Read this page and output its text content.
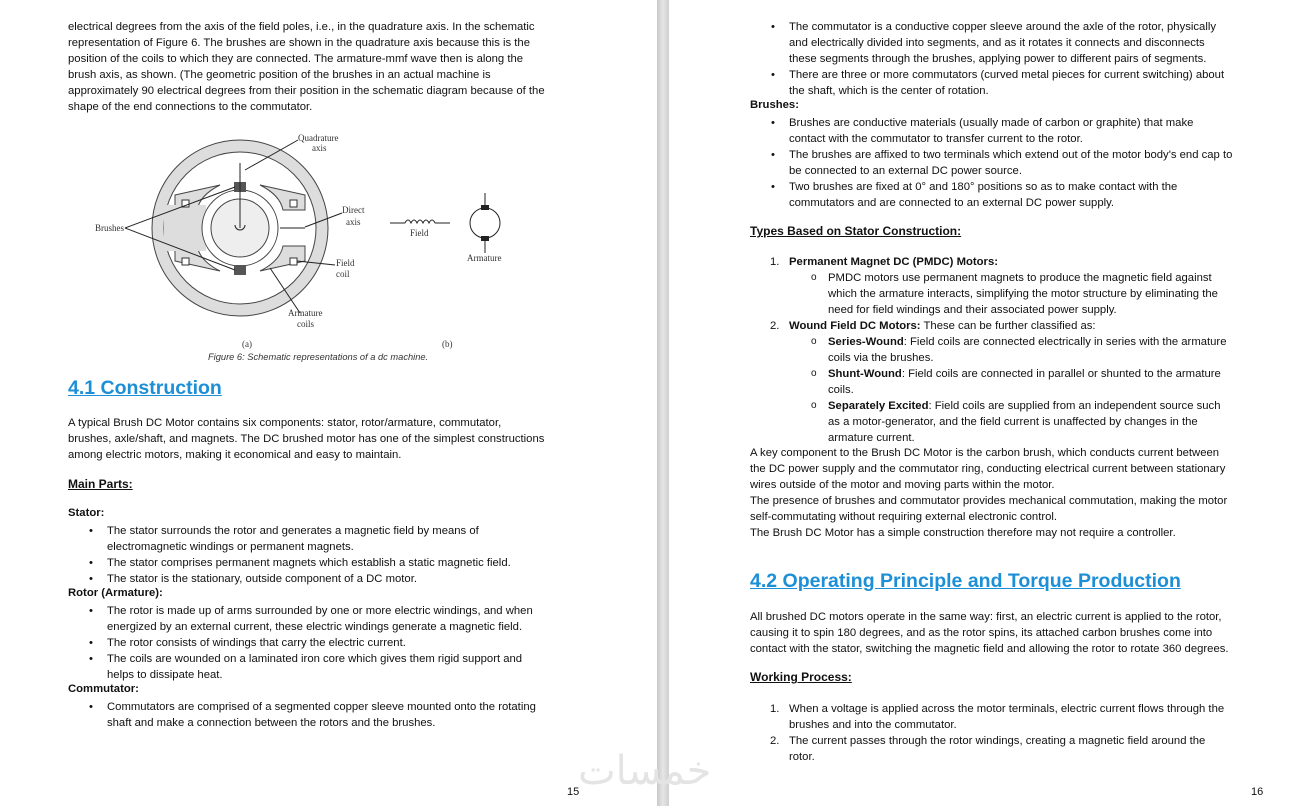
electrical degrees from the axis of the field poles, i.e., in the quadrature axis. In the schematic
representation of Figure 6. The brushes are shown in the quadrature axis because this is the
position of the coils to which they are connected. The armature-mmf wave then is along the
brush axis, as shown. (The geometric position of the brushes in an actual machine is
approximately 90 electrical degrees from their position in the schematic diagram because of the
shape of the end connections to the commutator.
Quadrature
axis
Direct
axis
Brushes
Field
coil
Armature
coils
Field
Armature
(a)	(b)
Figure 6: Schematic representations of a dc machine.
4.1 Construction
A typical Brush DC Motor contains six components: stator, rotor/armature, commutator,
brushes, axle/shaft, and magnets. The DC brushed motor has one of the simplest constructions
among electric motors, making it economical and easy to maintain.
Main Parts:
Stator:
• The stator surrounds the rotor and generates a magnetic field by means of
electromagnetic windings or permanent magnets.
• The stator comprises permanent magnets which establish a static magnetic field.
• The stator is the stationary, outside component of a DC motor.
Rotor (Armature):
• The rotor is made up of arms surrounded by one or more electric windings, and when
energized by an external current, these electric windings generate a magnetic field.
• The rotor consists of windings that carry the electric current.
• The coils are wounded on a laminated iron core which gives them rigid support and
helps to dissipate heat.
Commutator:
• Commutators are comprised of a segmented copper sleeve mounted onto the rotating
shaft and make a connection between the rotors and the brushes.
15
• The commutator is a conductive copper sleeve around the axle of the rotor, physically
and electrically divided into segments, and as it rotates it connects and disconnects
these segments through the brushes, applying power to different pairs of segments.
• There are three or more commutators (curved metal pieces for current switching) about
the shaft, which is the center of rotation.
Brushes:
• Brushes are conductive materials (usually made of carbon or graphite) that make
contact with the commutator to transfer current to the rotor.
• The brushes are affixed to two terminals which extend out of the motor body's end cap to
be connected to an external DC power source.
• Two brushes are fixed at 0° and 180° positions so as to make contact with the
commutators and are connected to an external DC power supply.
Types Based on Stator Construction:
1. Permanent Magnet DC (PMDC) Motors:
o PMDC motors use permanent magnets to produce the magnetic field against
which the armature interacts, simplifying the motor structure by eliminating the
need for field windings and their associated power supply.
2. Wound Field DC Motors: These can be further classified as:
o Series-Wound: Field coils are connected electrically in series with the armature
coils via the brushes.
o Shunt-Wound: Field coils are connected in parallel or shunted to the armature
coils.
o Separately Excited: Field coils are supplied from an independent source such
as a motor-generator, and the field current is unaffected by changes in the
armature current.
A key component to the Brush DC Motor is the carbon brush, which conducts current between
the DC power supply and the commutator ring, conducting electrical current between stationary
wires outside of the motor and moving parts within the motor.
The presence of brushes and commutator provides mechanical commutation, making the motor
self-commutating without requiring external electronic control.
The Brush DC Motor has a simple construction therefore may not require a controller.
4.2 Operating Principle and Torque Production
All brushed DC motors operate in the same way: first, an electric current is applied to the rotor,
causing it to spin 180 degrees, and as the rotor spins, its attached carbon brushes come into
contact with the stator, switching the magnetic field and allowing the rotor to rotate 360 degrees.
Working Process:
1. When a voltage is applied across the motor terminals, electric current flows through the
brushes and into the commutator.
2. The current passes through the rotor windings, creating a magnetic field around the
rotor.
16
خمسات
